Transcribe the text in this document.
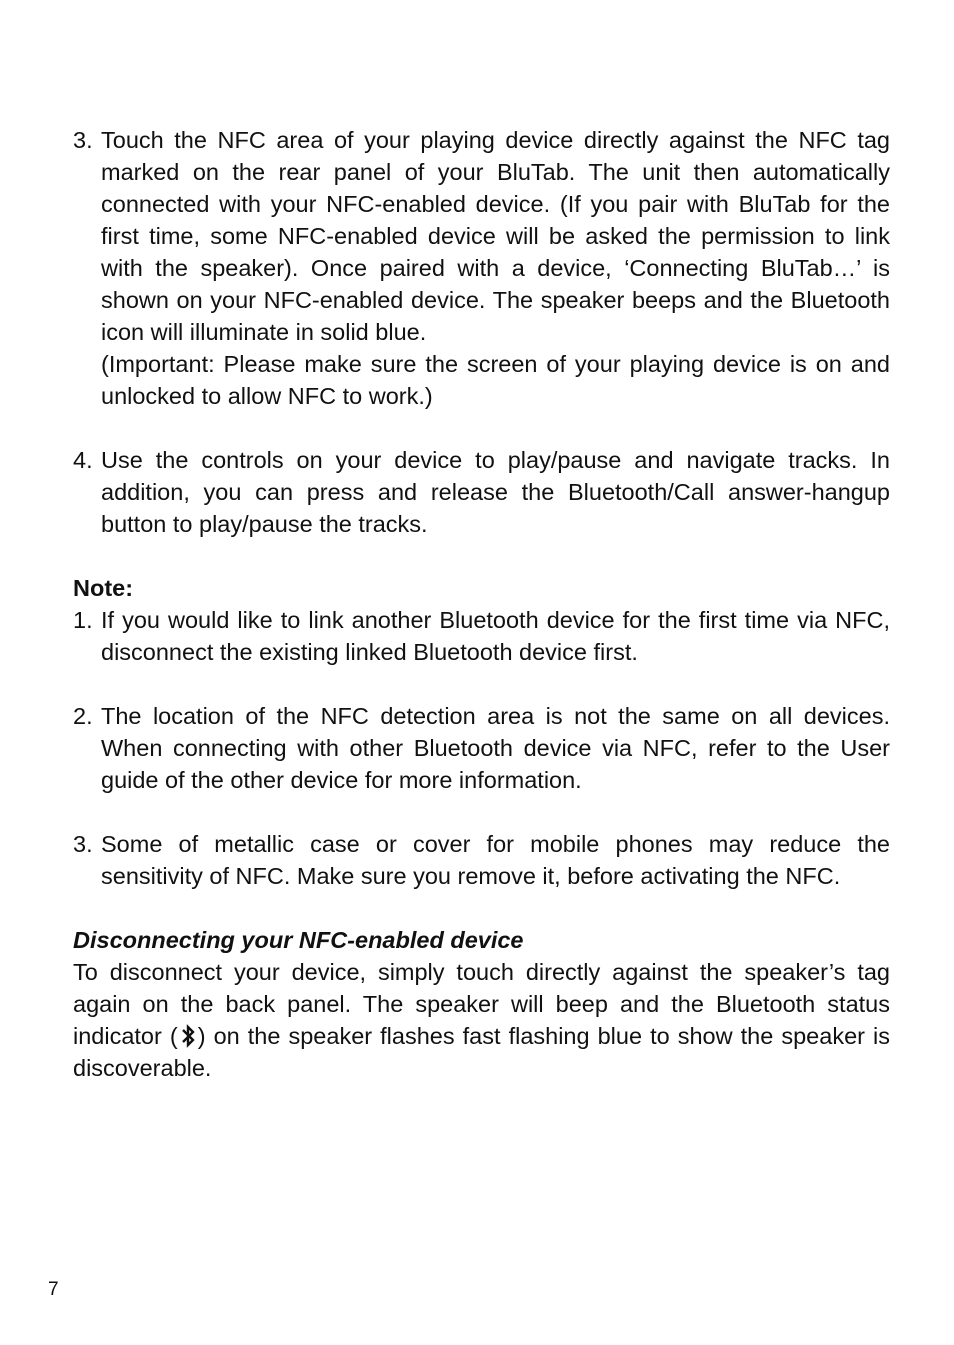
3. Touch the NFC area of your playing device directly against the NFC tag marked on the rear panel of your BluTab. The unit then automatically connected with your NFC-enabled device. (If you pair with BluTab for the first time, some NFC-enabled device will be asked the permission to link with the speaker). Once paired with a device, ‘Connecting BluTab…’ is shown on your NFC-enabled device. The speaker beeps and the Bluetooth icon will illuminate in solid blue.

(Important: Please make sure the screen of your playing device is on and unlocked to allow NFC to work.)

4. Use the controls on your device to play/pause and navigate tracks. In addition, you can press and release the Bluetooth/Call answer-hangup button to play/pause the tracks.

Note:

1. If you would like to link another Bluetooth device for the first time via NFC, disconnect the existing linked Bluetooth device first.

2. The location of the NFC detection area is not the same on all devices. When connecting with other Bluetooth device via NFC, refer to the User guide of the other device for more information.

3. Some of metallic case or cover for mobile phones may reduce the sensitivity of NFC. Make sure you remove it, before activating the NFC.

Disconnecting your NFC-enabled device

To disconnect your device, simply touch directly against the speaker’s tag again on the back panel. The speaker will beep and the Bluetooth status indicator ( ) on the speaker flashes fast flashing blue to show the speaker is discoverable.

7
